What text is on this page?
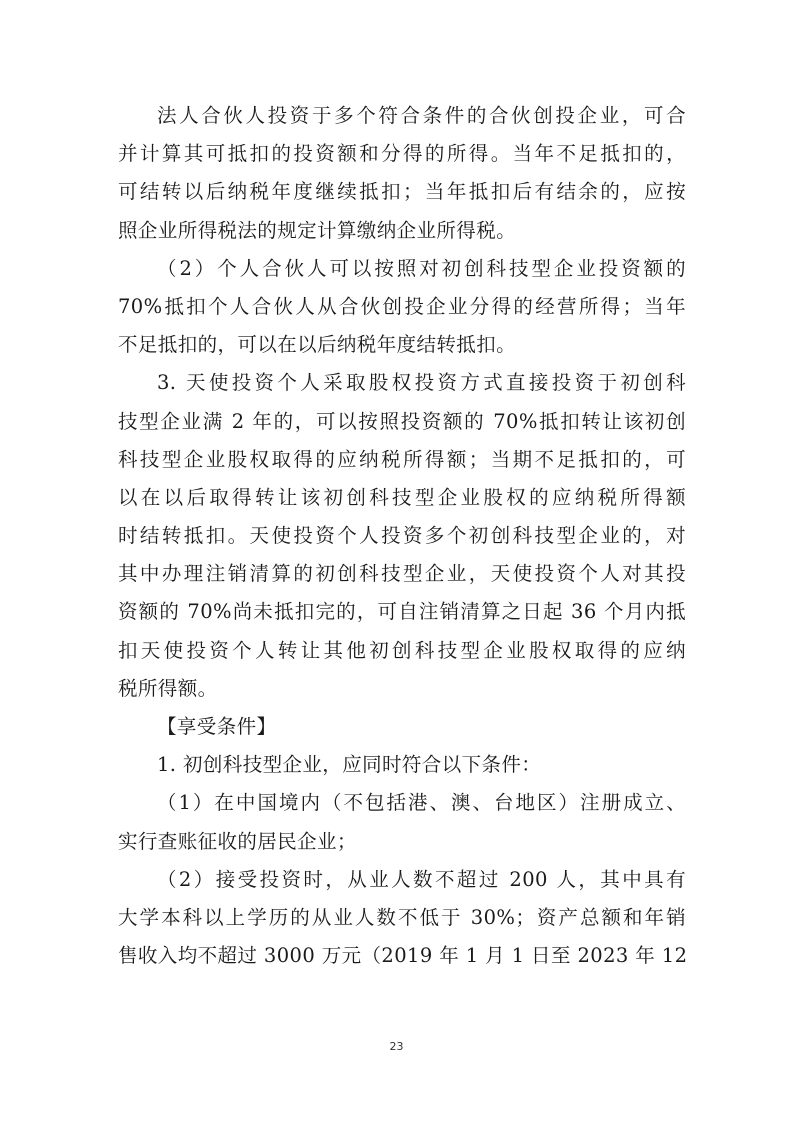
法人合伙人投资于多个符合条件的合伙创投企业，可合
并计算其可抵扣的投资额和分得的所得。当年不足抵扣的，
可结转以后纳税年度继续抵扣；当年抵扣后有结余的，应按
照企业所得税法的规定计算缴纳企业所得税。
（2）个人合伙人可以按照对初创科技型企业投资额的
70%抵扣个人合伙人从合伙创投企业分得的经营所得；当年
不足抵扣的，可以在以后纳税年度结转抵扣。
3. 天使投资个人采取股权投资方式直接投资于初创科
技型企业满 2 年的，可以按照投资额的 70%抵扣转让该初创
科技型企业股权取得的应纳税所得额；当期不足抵扣的，可
以在以后取得转让该初创科技型企业股权的应纳税所得额
时结转抵扣。天使投资个人投资多个初创科技型企业的，对
其中办理注销清算的初创科技型企业，天使投资个人对其投
资额的 70%尚未抵扣完的，可自注销清算之日起 36 个月内抵
扣天使投资个人转让其他初创科技型企业股权取得的应纳
税所得额。
【享受条件】
1. 初创科技型企业，应同时符合以下条件：
（1）在中国境内（不包括港、澳、台地区）注册成立、
实行查账征收的居民企业；
（2）接受投资时，从业人数不超过 200 人，其中具有
大学本科以上学历的从业人数不低于 30%；资产总额和年销
售收入均不超过 3000 万元（2019 年 1 月 1 日至 2023 年 12
23
